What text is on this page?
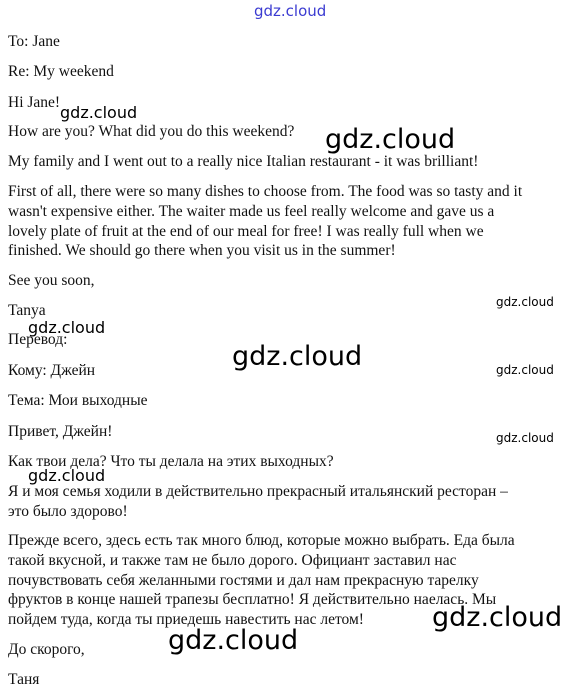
To: Jane
Re: My weekend
Hi Jane!
How are you? What did you do this weekend?
My family and I went out to a really nice Italian restaurant - it was brilliant!
First of all, there were so many dishes to choose from. The food was so tasty and it
wasn't expensive either. The waiter made us feel really welcome and gave us a
lovely plate of fruit at the end of our meal for free! I was really full when we
finished. We should go there when you visit us in the summer!
See you soon,
Tanya
Перевод:
Кому: Джейн
Тема: Мои выходные
Привет, Джейн!
Как твои дела? Что ты делала на этих выходных?
Я и моя семья ходили в действительно прекрасный итальянский ресторан –
это было здорово!
Прежде всего, здесь есть так много блюд, которые можно выбрать. Еда была
такой вкусной, и также там не было дорого. Официант заставил нас
почувствовать себя желанными гостями и дал нам прекрасную тарелку
фруктов в конце нашей трапезы бесплатно! Я действительно наелась. Мы
пойдем туда, когда ты приедешь навестить нас летом!
До скорого,
Таня
gdz.cloud
gdz.cloud
gdz.cloud
gdz.cloud
gdz.cloud
gdz.cloud	gdz.cloud
gdz.cloud
gdz.cloud
gdz.cloud
gdz.cloud
